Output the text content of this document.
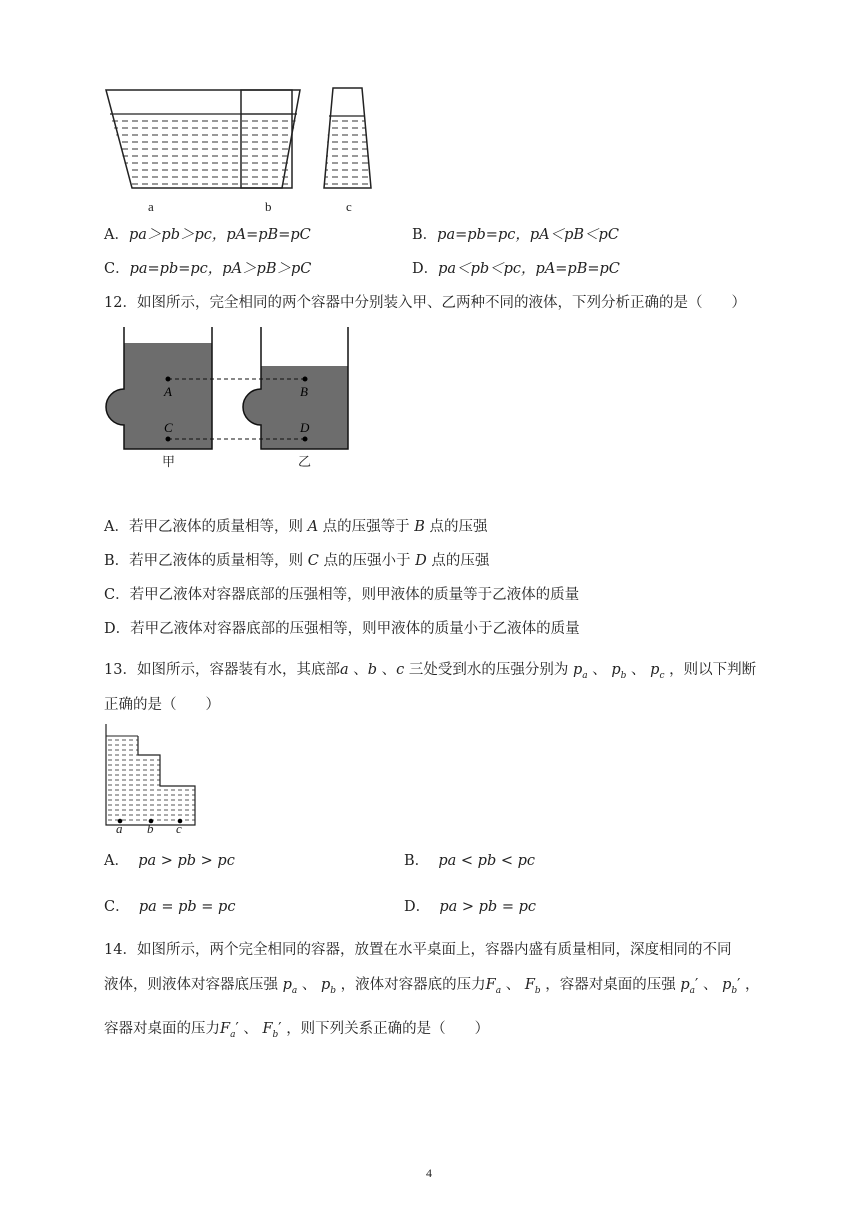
a	b	c
A．pa＞pb＞pc，pA=pB=pC	B．pa=pb=pc，pA＜pB＜pC
C．pa=pb=pc，pA＞pB＞pC	D．pa＜pb＜pc，pA=pB=pC
12．如图所示，完全相同的两个容器中分别装入甲、乙两种不同的液体，下列分析正确的是（　　）
A	B
C	D
甲	乙
A．若甲乙液体的质量相等，则 A 点的压强等于 B 点的压强
B．若甲乙液体的质量相等，则 C 点的压强小于 D 点的压强
C．若甲乙液体对容器底部的压强相等，则甲液体的质量等于乙液体的质量
D．若甲乙液体对容器底部的压强相等，则甲液体的质量小于乙液体的质量
13．如图所示，容器装有水，其底部a 、b 、c 三处受到水的压强分别为 $p_a$ 、 $p_b$ 、 $p_c$ ，则以下判断
正确的是（　　）
a b c
A． pa > pb > pc	B． pa < pb < pc
C． pa = pb = pc	D． pa > pb = pc
14．如图所示，两个完全相同的容器，放置在水平桌面上，容器内盛有质量相同，深度相同的不同
液体，则液体对容器底压强 $p_a$ 、 $p_b$ ，液体对容器底的压力$F_a$ 、 $F_b$ ，容器对桌面的压强 $p_a'$ 、 $p_b'$ ，
容器对桌面的压力$F_a'$ 、 $F_b'$ ，则下列关系正确的是（　　）
4
